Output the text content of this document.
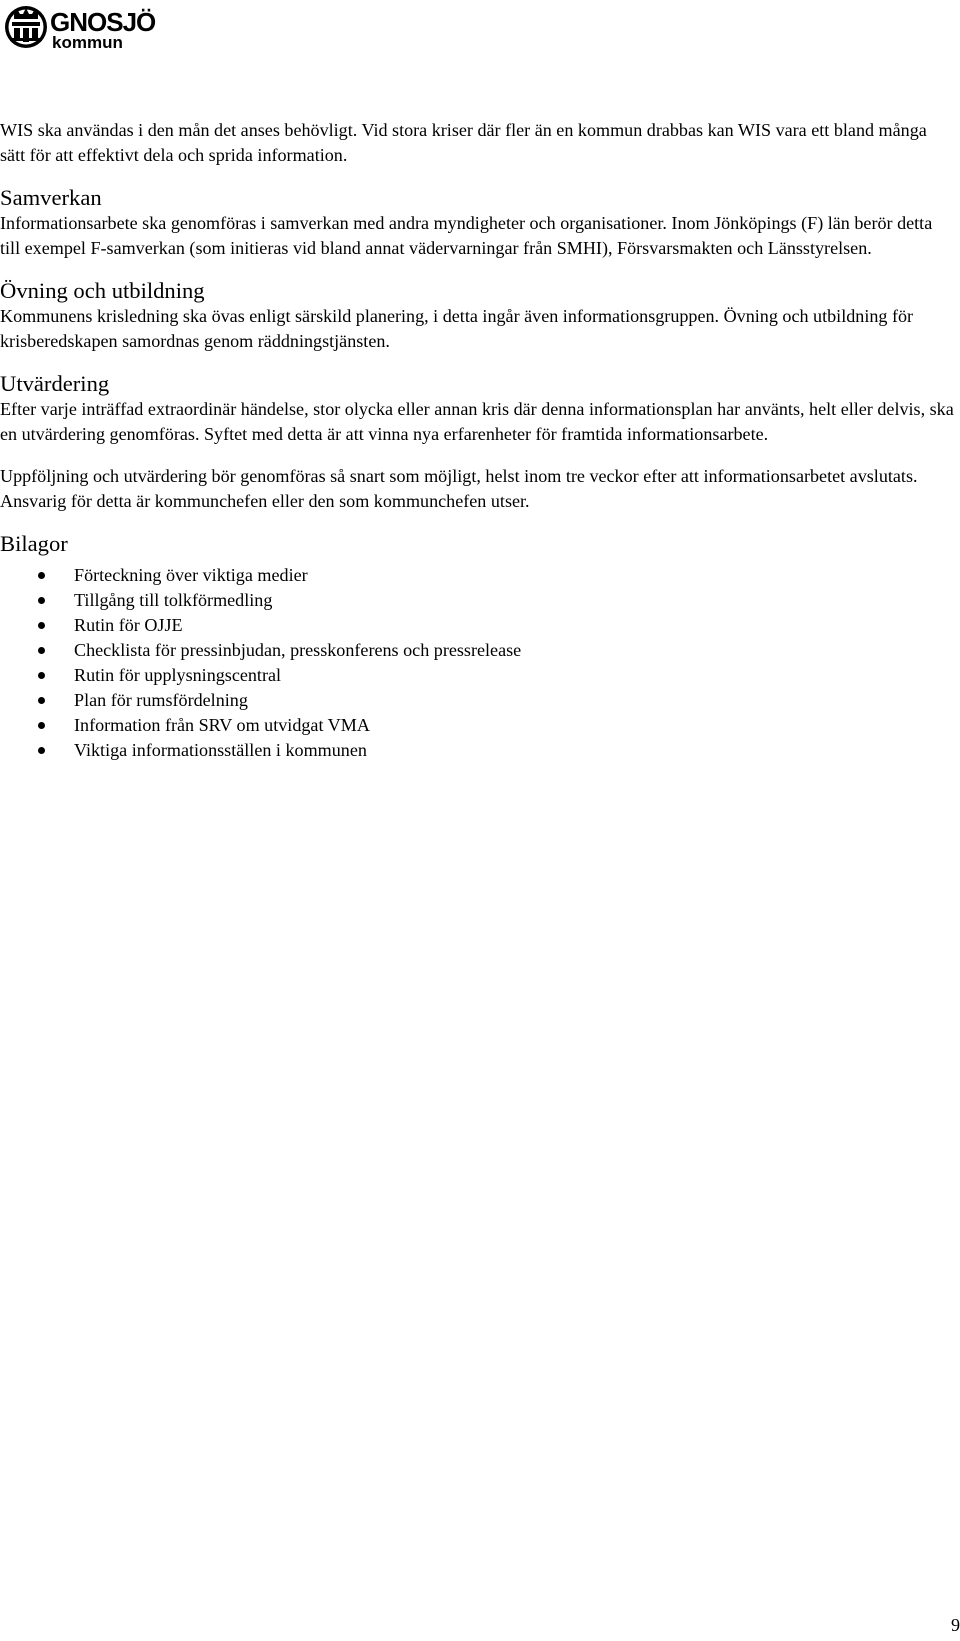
GNOSJÖ
kommun

WIS ska användas i den mån det anses behövligt. Vid stora kriser där fler än en kommun drabbas kan WIS vara ett bland många sätt för att effektivt dela och sprida information.

Samverkan

Informationsarbete ska genomföras i samverkan med andra myndigheter och organisationer. Inom Jönköpings (F) län berör detta till exempel F-samverkan (som initieras vid bland annat vädervarningar från SMHI), Försvarsmakten och Länsstyrelsen.

Övning och utbildning

Kommunens krisledning ska övas enligt särskild planering, i detta ingår även informationsgruppen. Övning och utbildning för krisberedskapen samordnas genom räddningstjänsten.

Utvärdering

Efter varje inträffad extraordinär händelse, stor olycka eller annan kris där denna informationsplan har använts, helt eller delvis, ska en utvärdering genomföras. Syftet med detta är att vinna nya erfarenheter för framtida informationsarbete.

Uppföljning och utvärdering bör genomföras så snart som möjligt, helst inom tre veckor efter att informationsarbetet avslutats. Ansvarig för detta är kommunchefen eller den som kommunchefen utser.

Bilagor
Förteckning över viktiga medier
Tillgång till tolkförmedling
Rutin för OJJE
Checklista för pressinbjudan, presskonferens och pressrelease
Rutin för upplysningscentral
Plan för rumsfördelning
Information från SRV om utvidgat VMA
Viktiga informationsställen i kommunen
9
